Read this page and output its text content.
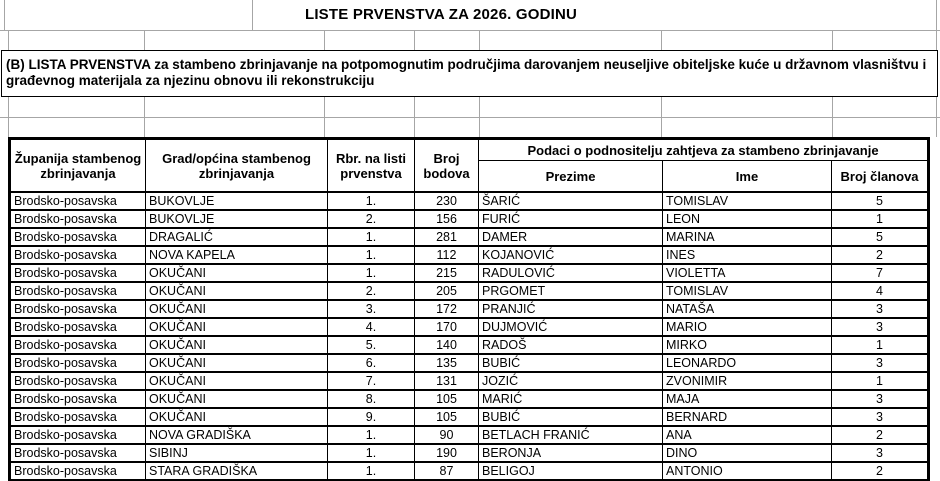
LISTE PRVENSTVA ZA 2026. GODINU
(B) LISTA PRVENSTVA za stambeno zbrinjavanje na potpomognutim područjima darovanjem neuseljive obiteljske kuće u državnom vlasništvu i građevnog materijala za njezinu obnovu ili rekonstrukciju
Županija stambenog zbrinjavanja	Grad/općina stambenog zbrinjavanja	Rbr. na listi prvenstva	Broj bodova	Podaci o podnositelju zahtjeva za stambeno zbrinjavanje		
				Prezime	Ime	Broj članova
Brodsko-posavska	BUKOVLJE	1.	230	ŠARIĆ	TOMISLAV	5
Brodsko-posavska	BUKOVLJE	2.	156	FURIĆ	LEON	1
Brodsko-posavska	DRAGALIĆ	1.	281	DAMER	MARINA	5
Brodsko-posavska	NOVA KAPELA	1.	112	KOJANOVIĆ	INES	2
Brodsko-posavska	OKUČANI	1.	215	RADULOVIĆ	VIOLETTA	7
Brodsko-posavska	OKUČANI	2.	205	PRGOMET	TOMISLAV	4
Brodsko-posavska	OKUČANI	3.	172	PRANJIĆ	NATAŠA	3
Brodsko-posavska	OKUČANI	4.	170	DUJMOVIĆ	MARIO	3
Brodsko-posavska	OKUČANI	5.	140	RADOŠ	MIRKO	1
Brodsko-posavska	OKUČANI	6.	135	BUBIĆ	LEONARDO	3
Brodsko-posavska	OKUČANI	7.	131	JOZIĆ	ZVONIMIR	1
Brodsko-posavska	OKUČANI	8.	105	MARIĆ	MAJA	3
Brodsko-posavska	OKUČANI	9.	105	BUBIĆ	BERNARD	3
Brodsko-posavska	NOVA GRADIŠKA	1.	90	BETLACH FRANIĆ	ANA	2
Brodsko-posavska	SIBINJ	1.	190	BERONJA	DINO	3
Brodsko-posavska	STARA GRADIŠKA	1.	87	BELIGOJ	ANTONIO	2
